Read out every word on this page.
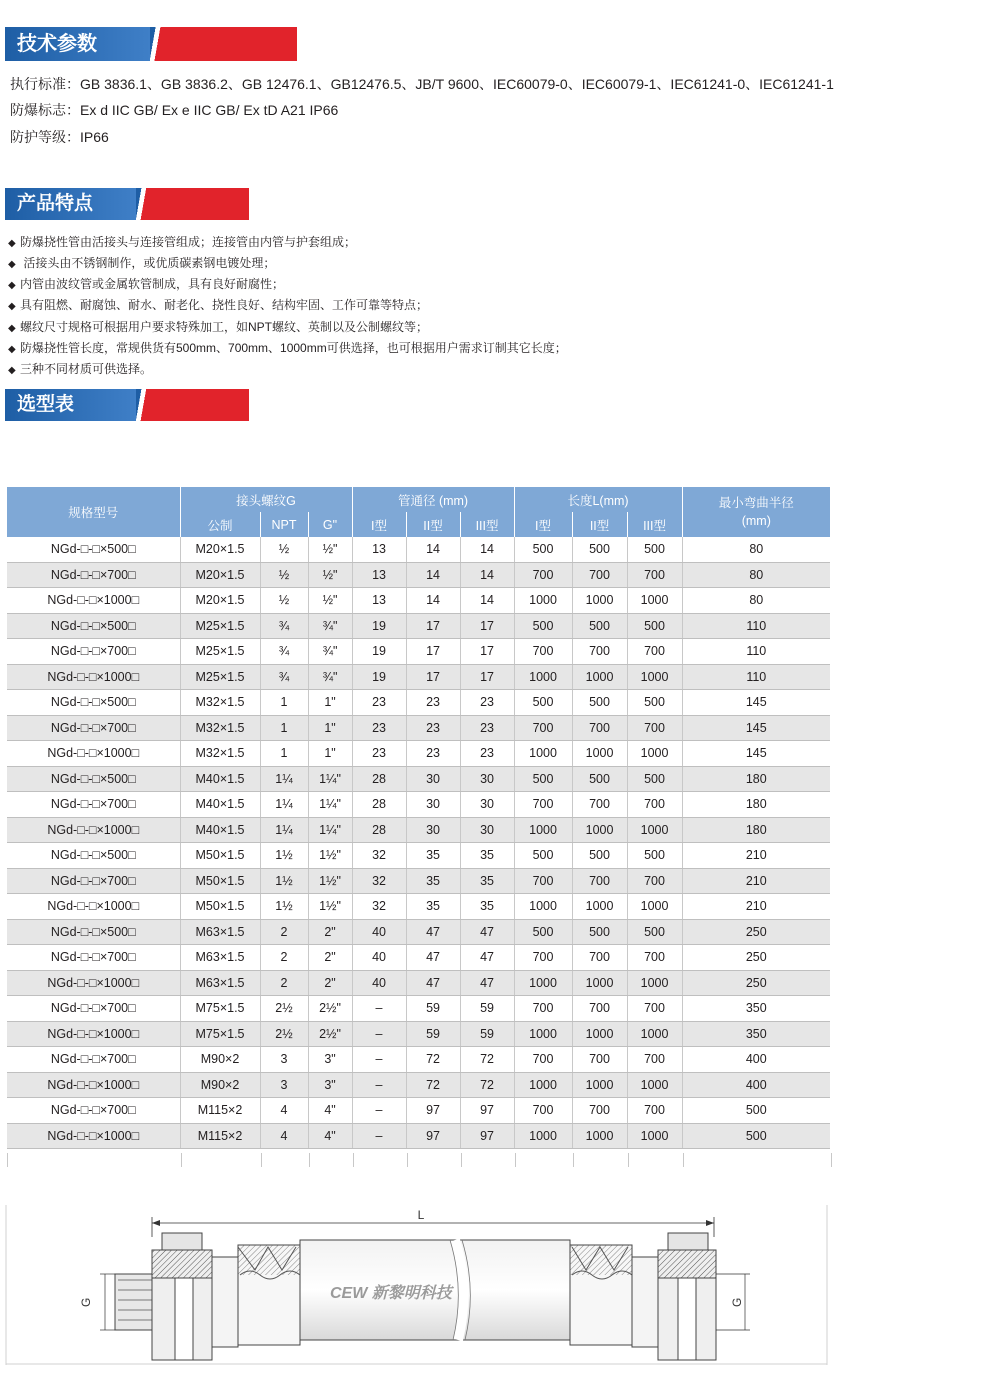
技术参数
执行标准：GB 3836.1、GB 3836.2、GB 12476.1、GB12476.5、JB/T 9600、IEC60079-0、IEC60079-1、IEC61241-0、IEC61241-1
防爆标志：Ex d IIC GB/ Ex e IIC GB/ Ex tD A21 IP66
防护等级：IP66
产品特点
◆ 防爆挠性管由活接头与连接管组成；连接管由内管与护套组成；
◆ 活接头由不锈钢制作，或优质碳素钢电镀处理；
◆ 内管由波纹管或金属软管制成，具有良好耐腐性；
◆ 具有阻燃、耐腐蚀、耐水、耐老化、挠性良好、结构牢固、工作可靠等特点；
◆ 螺纹尺寸规格可根据用户要求特殊加工，如NPT螺纹、英制以及公制螺纹等；
◆ 防爆挠性管长度，常规供货有500mm、700mm、1000mm可供选择，也可根据用户需求订制其它长度；
◆ 三种不同材质可供选择。
选型表
规格型号	接头螺纹G			管通径 (mm)			长度L(mm)			最小弯曲半径
(mm)
	公制	NPT	G"	I型	II型	III型	I型	II型	III型	
NGd-□-□×500□	M20×1.5	½	½"	13	14	14	500	500	500	80
NGd-□-□×700□	M20×1.5	½	½"	13	14	14	700	700	700	80
NGd-□-□×1000□	M20×1.5	½	½"	13	14	14	1000	1000	1000	80
NGd-□-□×500□	M25×1.5	¾	¾"	19	17	17	500	500	500	110
NGd-□-□×700□	M25×1.5	¾	¾"	19	17	17	700	700	700	110
NGd-□-□×1000□	M25×1.5	¾	¾"	19	17	17	1000	1000	1000	110
NGd-□-□×500□	M32×1.5	1	1"	23	23	23	500	500	500	145
NGd-□-□×700□	M32×1.5	1	1"	23	23	23	700	700	700	145
NGd-□-□×1000□	M32×1.5	1	1"	23	23	23	1000	1000	1000	145
NGd-□-□×500□	M40×1.5	1¼	1¼"	28	30	30	500	500	500	180
NGd-□-□×700□	M40×1.5	1¼	1¼"	28	30	30	700	700	700	180
NGd-□-□×1000□	M40×1.5	1¼	1¼"	28	30	30	1000	1000	1000	180
NGd-□-□×500□	M50×1.5	1½	1½"	32	35	35	500	500	500	210
NGd-□-□×700□	M50×1.5	1½	1½"	32	35	35	700	700	700	210
NGd-□-□×1000□	M50×1.5	1½	1½"	32	35	35	1000	1000	1000	210
NGd-□-□×500□	M63×1.5	2	2"	40	47	47	500	500	500	250
NGd-□-□×700□	M63×1.5	2	2"	40	47	47	700	700	700	250
NGd-□-□×1000□	M63×1.5	2	2"	40	47	47	1000	1000	1000	250
NGd-□-□×700□	M75×1.5	2½	2½"	–	59	59	700	700	700	350
NGd-□-□×1000□	M75×1.5	2½	2½"	–	59	59	1000	1000	1000	350
NGd-□-□×700□	M90×2	3	3"	–	72	72	700	700	700	400
NGd-□-□×1000□	M90×2	3	3"	–	72	72	1000	1000	1000	400
NGd-□-□×700□	M115×2	4	4"	–	97	97	700	700	700	500
NGd-□-□×1000□	M115×2	4	4"	–	97	97	1000	1000	1000	500
L
CEW 新黎明科技
G	G
